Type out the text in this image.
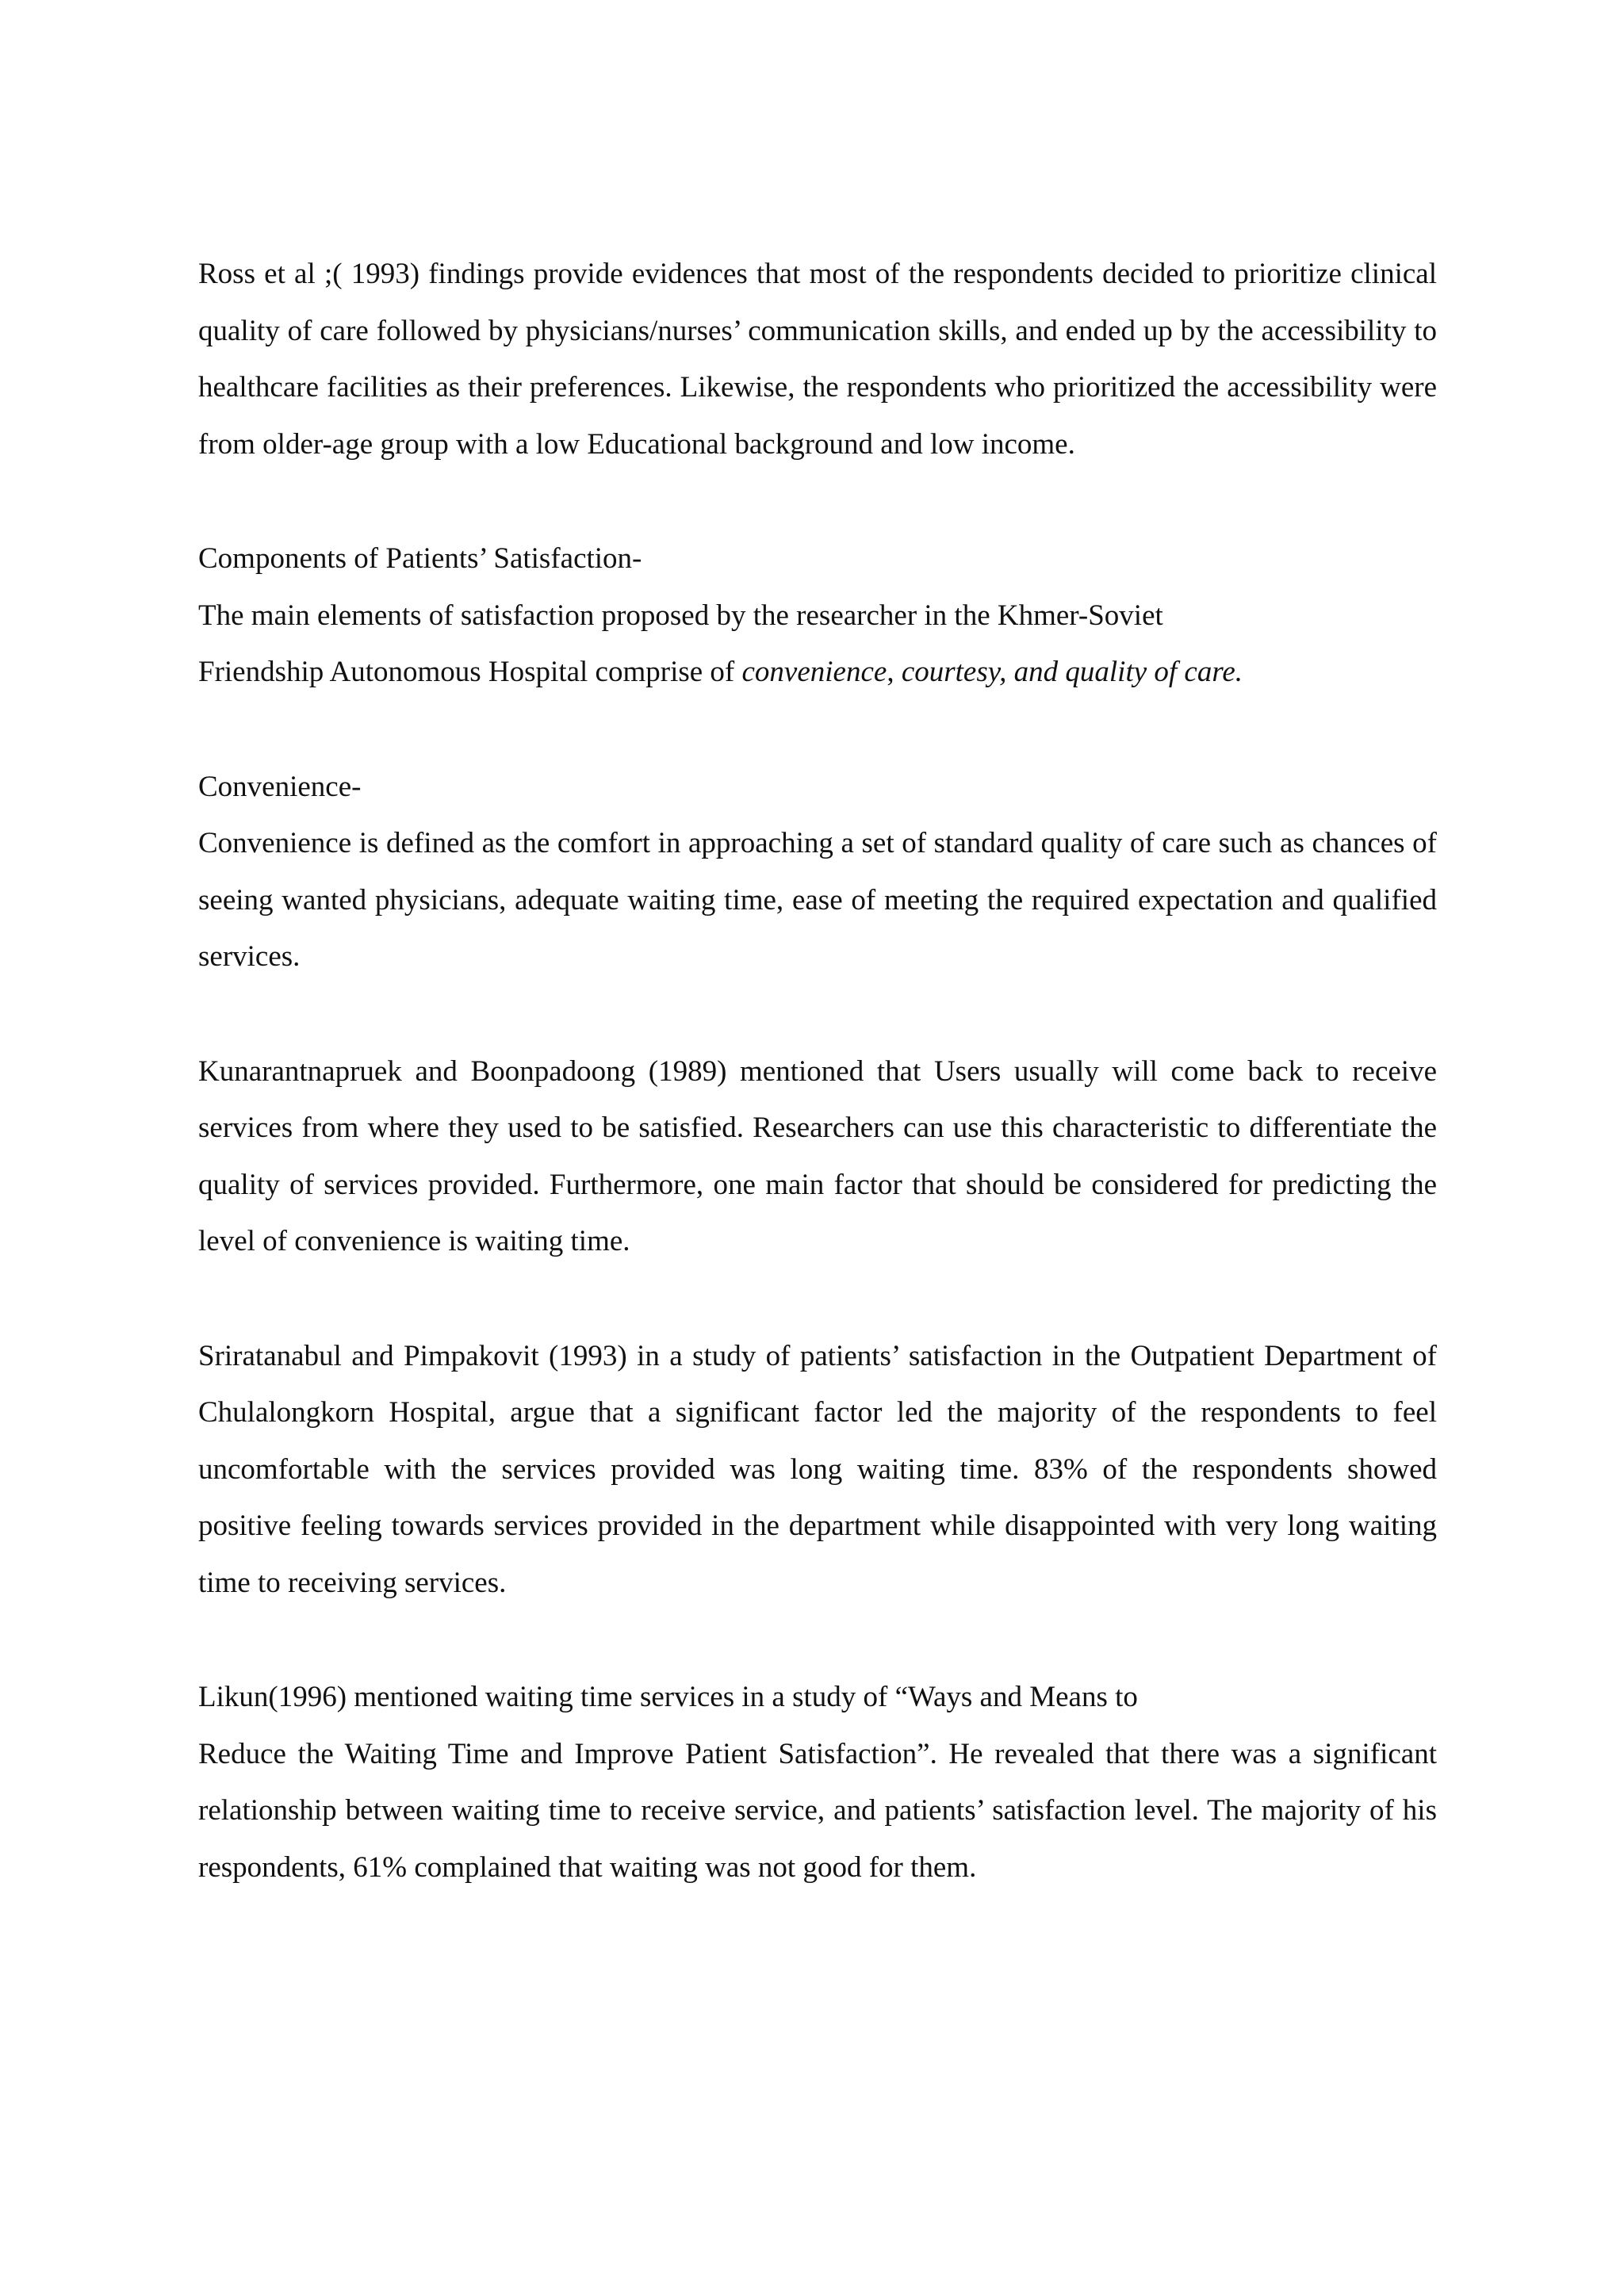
Ross et al ;( 1993) findings provide evidences that most of the respondents decided to prioritize clinical quality of care followed by physicians/nurses’ communication skills, and ended up by the accessibility to healthcare facilities as their preferences. Likewise, the respondents who prioritized the accessibility were from older-age group with a low Educational background and low income.

Components of Patients’ Satisfaction-
The main elements of satisfaction proposed by the researcher in the Khmer-Soviet
Friendship Autonomous Hospital comprise of convenience, courtesy, and quality of care.

Convenience-
Convenience is defined as the comfort in approaching a set of standard quality of care such as chances of seeing wanted physicians, adequate waiting time, ease of meeting the required expectation and qualified services.

Kunarantnapruek and Boonpadoong (1989) mentioned that Users usually will come back to receive services from where they used to be satisfied. Researchers can use this characteristic to differentiate the quality of services provided. Furthermore, one main factor that should be considered for predicting the level of convenience is waiting time.

Sriratanabul and Pimpakovit (1993) in a study of patients’ satisfaction in the Outpatient Department of Chulalongkorn Hospital, argue that a significant factor led the majority of the respondents to feel uncomfortable with the services provided was long waiting time. 83% of the respondents showed positive feeling towards services provided in the department while disappointed with very long waiting time to receiving services.

Likun(1996) mentioned waiting time services in a study of “Ways and Means to
Reduce the Waiting Time and Improve Patient Satisfaction”. He revealed that there was a significant relationship between waiting time to receive service, and patients’ satisfaction level. The majority of his respondents, 61% complained that waiting was not good for them.
